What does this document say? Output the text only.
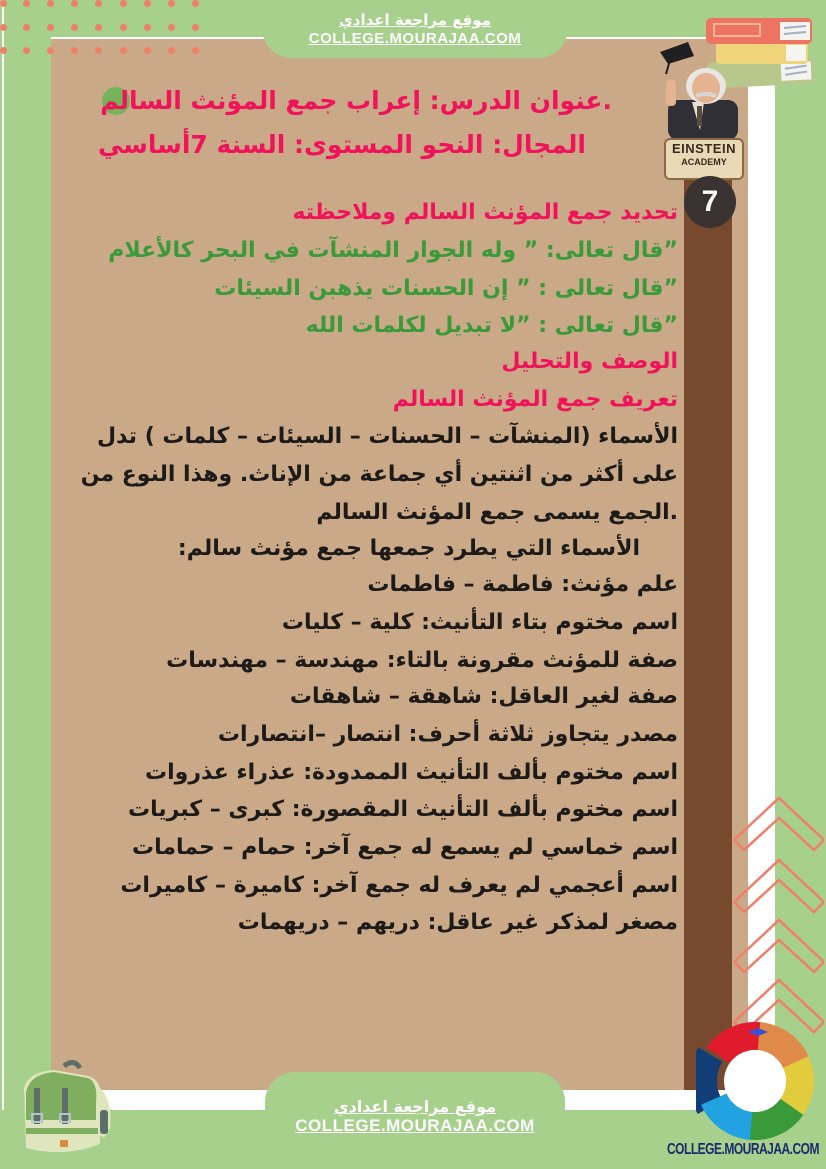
موقع مراجعة اعدادي
COLLEGE.MOURAJAA.COM
EINSTEIN
ACADEMY
7
.عنوان الدرس: إعراب جمع المؤنث السالم
المجال: النحو المستوى: السنة 7أساسي
تحديد جمع المؤنث السالم وملاحظته
”قال تعالى: ” وله الجوار المنشآت في البحر كالأعلام
”قال تعالى : ” إن الحسنات يذهبن السيئات
”قال تعالى : ”لا تبديل لكلمات الله
الوصف والتحليل
تعريف جمع المؤنث السالم
الأسماء (المنشآت – الحسنات – السيئات – كلمات ) تدل
على أكثر من اثنتين أي جماعة من الإناث. وهذا النوع من
.الجمع يسمى جمع المؤنث السالم
الأسماء التي يطرد جمعها جمع مؤنث سالم:
علم مؤنث: فاطمة – فاطمات
اسم مختوم بتاء التأنيث: كلية – كليات
صفة للمؤنث مقرونة بالتاء: مهندسة – مهندسات
صفة لغير العاقل: شاهقة – شاهقات
مصدر يتجاوز ثلاثة أحرف: انتصار –انتصارات
اسم مختوم بألف التأنيث الممدودة: عذراء عذروات
اسم مختوم بألف التأنيث المقصورة: كبرى – كبريات
اسم خماسي لم يسمع له جمع آخر: حمام – حمامات
اسم أعجمي لم يعرف له جمع آخر: كاميرة – كاميرات
مصغر لمذكر غير عاقل: دريهم – دريهمات
COLLEGE.MOURAJAA.COM
موقع مراجعة اعدادي
COLLEGE.MOURAJAA.COM
